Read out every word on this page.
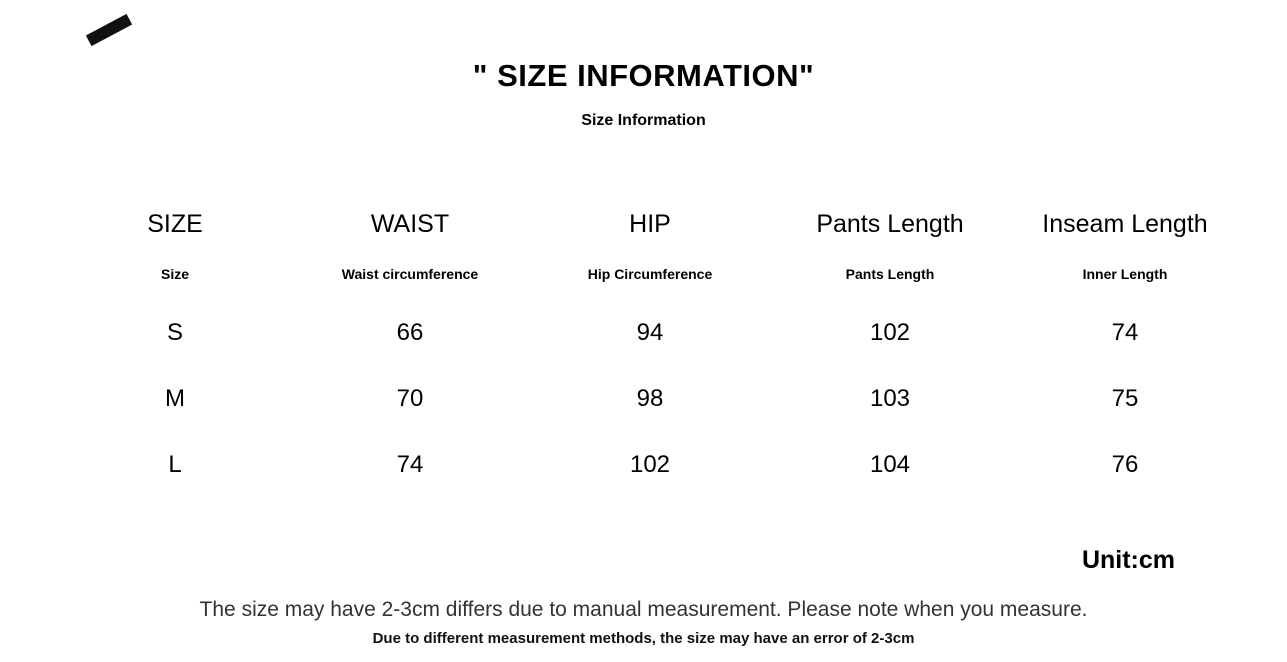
" SIZE INFORMATION"
Size Information
SIZE	WAIST	HIP	Pants Length	Inseam Length
Size	Waist circumference	Hip Circumference	Pants Length	Inner Length
S	66	94	102	74
M	70	98	103	75
L	74	102	104	76
Unit:cm
The size may have 2-3cm differs due to manual measurement. Please note when you measure.
Due to different measurement methods, the size may have an error of 2-3cm
